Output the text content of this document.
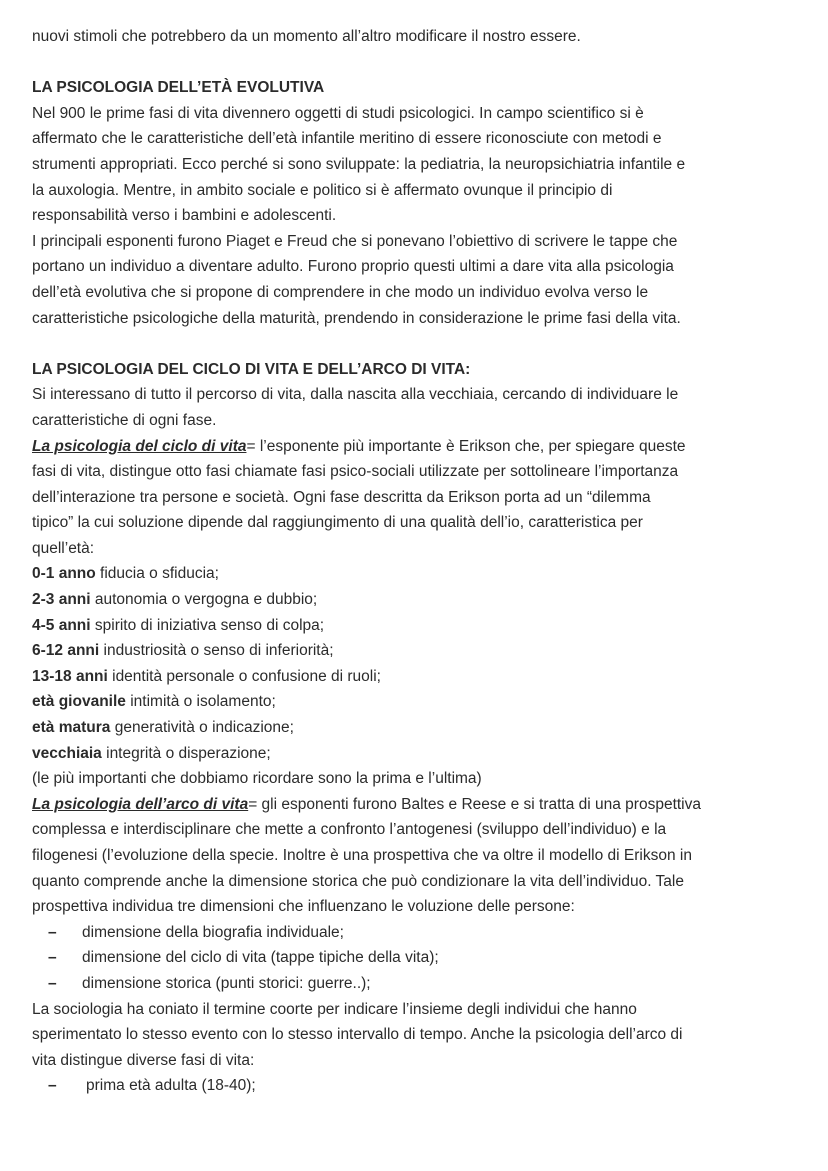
nuovi stimoli che potrebbero da un momento all’altro modificare il nostro essere.
LA PSICOLOGIA DELL’ETÀ EVOLUTIVA
Nel 900 le prime fasi di vita divennero oggetti di studi psicologici. In campo scientifico si è
affermato che le caratteristiche dell’età infantile meritino di essere riconosciute con metodi e
strumenti appropriati. Ecco perché si sono sviluppate: la pediatria, la neuropsichiatria infantile e
la auxologia. Mentre, in ambito sociale e politico si è affermato ovunque il principio di
responsabilità verso i bambini e adolescenti.
I principali esponenti furono Piaget e Freud che si ponevano l’obiettivo di scrivere le tappe che
portano un individuo a diventare adulto. Furono proprio questi ultimi a dare vita alla psicologia
dell’età evolutiva che si propone di comprendere in che modo un individuo evolva verso le
caratteristiche psicologiche della maturità, prendendo in considerazione le prime fasi della vita.
LA PSICOLOGIA DEL CICLO DI VITA E DELL’ARCO DI VITA:
Si interessano di tutto il percorso di vita, dalla nascita alla vecchiaia, cercando di individuare le
caratteristiche di ogni fase.
La psicologia del ciclo di vita= l’esponente più importante è Erikson che, per spiegare queste
fasi di vita, distingue otto fasi chiamate fasi psico-sociali utilizzate per sottolineare l’importanza
dell’interazione tra persone e società. Ogni fase descritta da Erikson porta ad un “dilemma
tipico” la cui soluzione dipende dal raggiungimento di una qualità dell’io, caratteristica per
quell’età:
0-1 anno fiducia o sfiducia;
2-3 anni autonomia o vergogna e dubbio;
4-5 anni spirito di iniziativa senso di colpa;
6-12 anni industriosità o senso di inferiorità;
13-18 anni identità personale o confusione di ruoli;
età giovanile intimità o isolamento;
età matura generatività o indicazione;
vecchiaia integrità o disperazione;
(le più importanti che dobbiamo ricordare sono la prima e l’ultima)
La psicologia dell’arco di vita= gli esponenti furono Baltes e Reese e si tratta di una prospettiva
complessa e interdisciplinare che mette a confronto l’antogenesi (sviluppo dell’individuo) e la
filogenesi (l’evoluzione della specie. Inoltre è una prospettiva che va oltre il modello di Erikson in
quanto comprende anche la dimensione storica che può condizionare la vita dell’individuo. Tale
prospettiva individua tre dimensioni che influenzano le voluzione delle persone:
– dimensione della biografia individuale;
– dimensione del ciclo di vita (tappe tipiche della vita);
– dimensione storica (punti storici: guerre..);
La sociologia ha coniato il termine coorte per indicare l’insieme degli individui che hanno
sperimentato lo stesso evento con lo stesso intervallo di tempo. Anche la psicologia dell’arco di
vita distingue diverse fasi di vita:
– prima età adulta (18-40);
